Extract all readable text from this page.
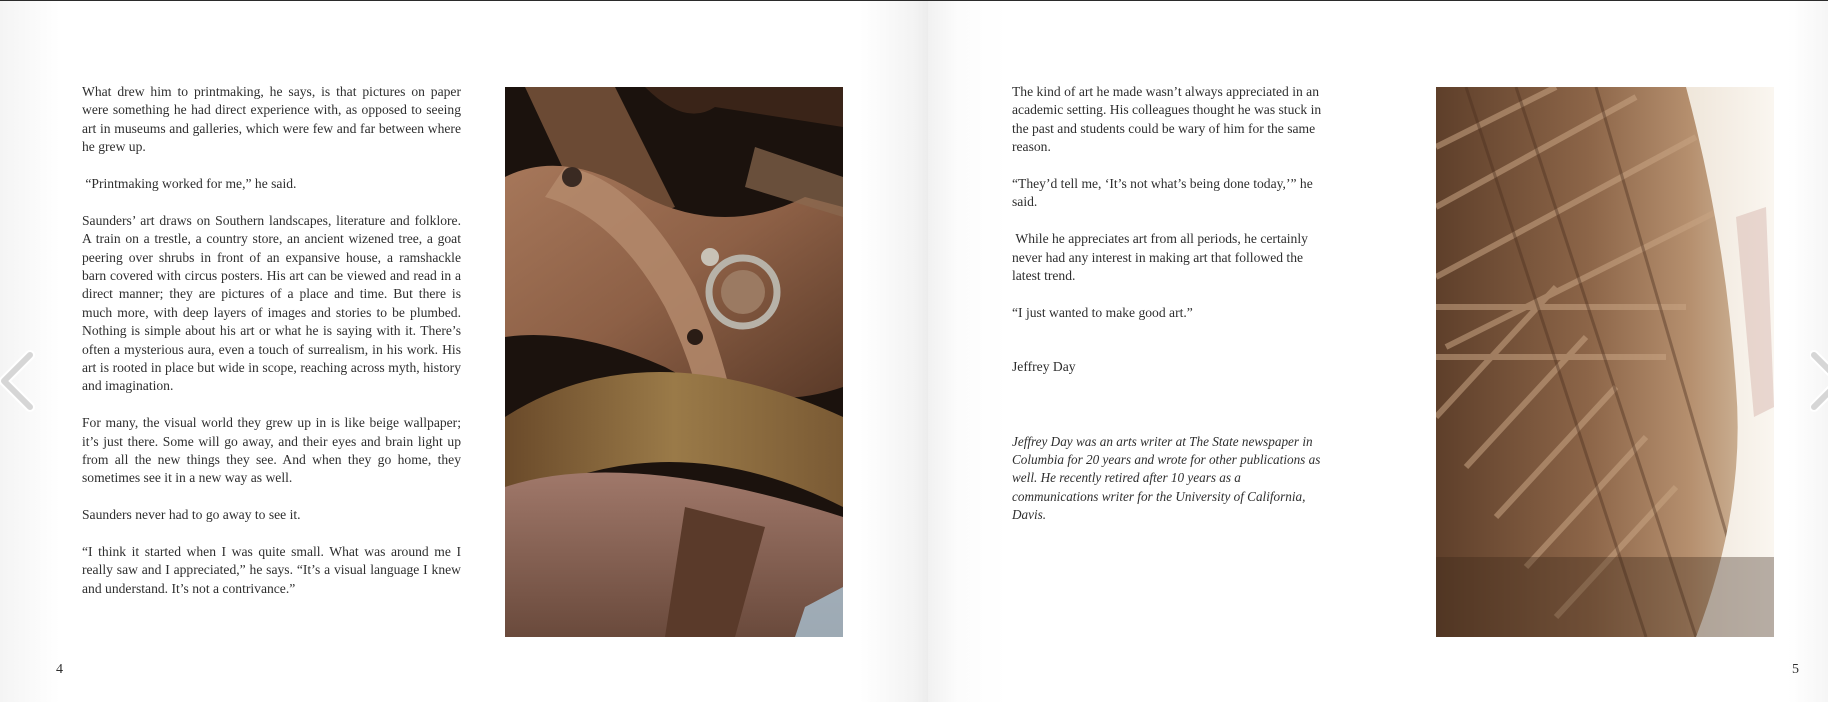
What drew him to printmaking, he says, is that pictures on paper were something he had direct experience with, as opposed to seeing art in museums and galleries, which were few and far between where he grew up.

“Printmaking worked for me,” he said.

Saunders’ art draws on Southern landscapes, literature and folklore. A train on a trestle, a country store, an ancient wizened tree, a goat peering over shrubs in front of an expansive house, a ramshackle barn covered with circus posters. His art can be viewed and read in a direct manner; they are pictures of a place and time. But there is much more, with deep layers of images and stories to be plumbed. Nothing is simple about his art or what he is saying with it. There’s often a mysterious aura, even a touch of surrealism, in his work. His art is rooted in place but wide in scope, reaching across myth, history and imagination.

For many, the visual world they grew up in is like beige wallpaper; it’s just there. Some will go away, and their eyes and brain light up from all the new things they see. And when they go home, they sometimes see it in a new way as well.

Saunders never had to go away to see it.

“I think it started when I was quite small. What was around me I really saw and I appreciated,” he says. “It’s a visual language I knew and understand. It’s not a contrivance.”

4

The kind of art he made wasn’t always appreciated in an academic setting. His colleagues thought he was stuck in the past and students could be wary of him for the same reason.

“They’d tell me, ‘It’s not what’s being done today,’” he said.

While he appreciates art from all periods, he certainly never had any interest in making art that followed the latest trend.

“I just wanted to make good art.”

Jeffrey Day

Jeffrey Day was an arts writer at The State newspaper in Columbia for 20 years and wrote for other publications as well. He recently retired after 10 years as a communications writer for the University of California, Davis.

5
